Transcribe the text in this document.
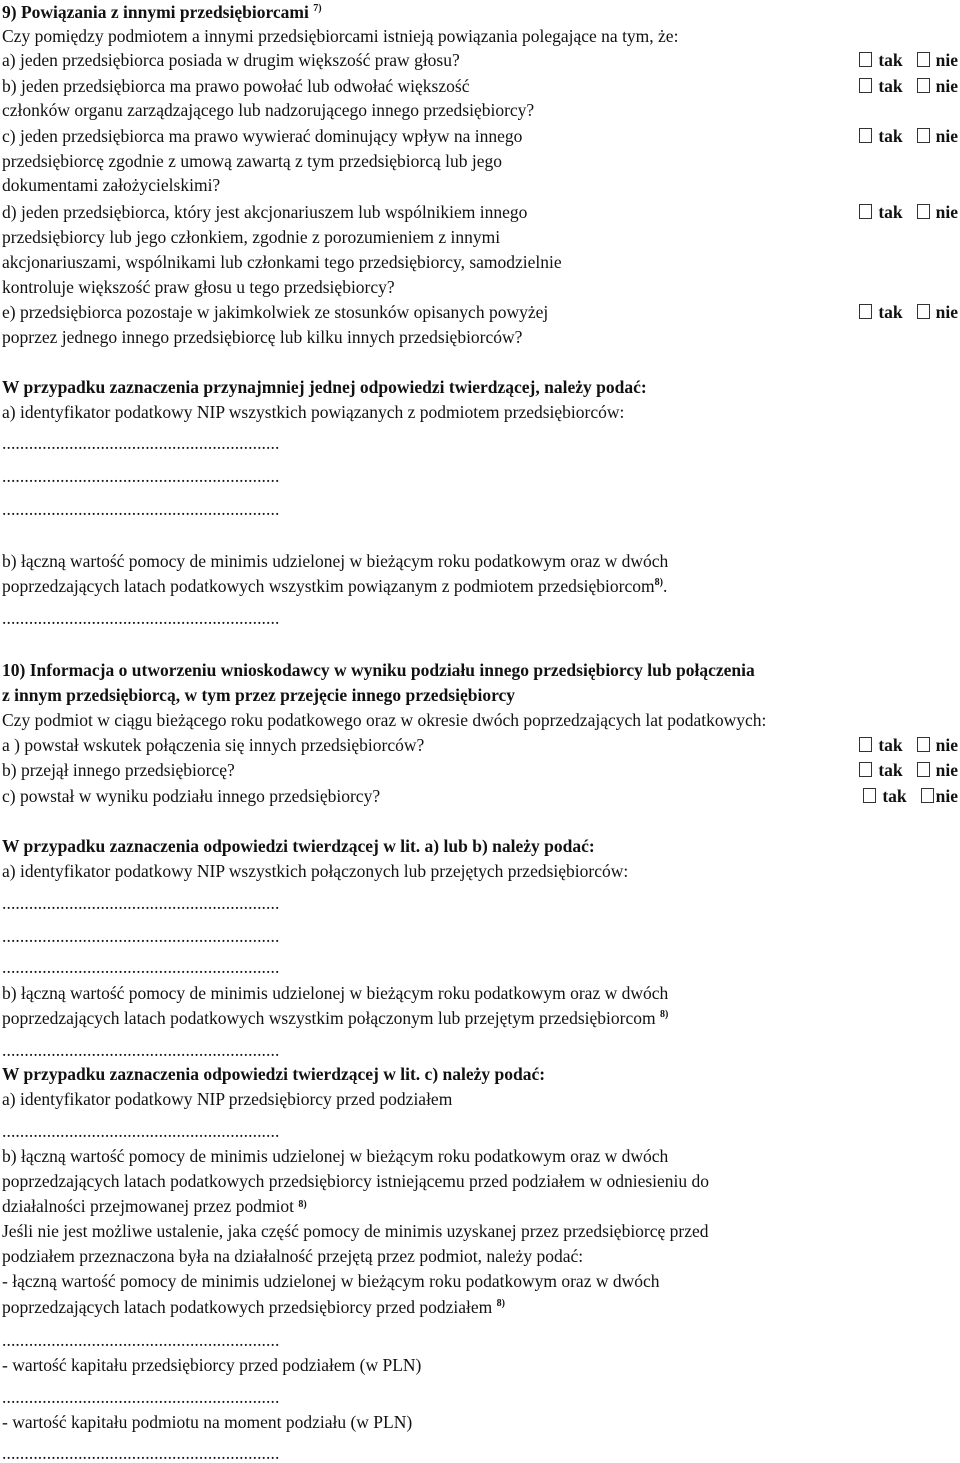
9) Powiązania z innymi przedsiębiorcami $^{7)}$
Czy pomiędzy podmiotem a innymi przedsiębiorcami istnieją powiązania polegające na tym, że:
a) jeden przedsiębiorca posiada w drugim większość praw głosu?	tak nie
b) jeden przedsiębiorca ma prawo powołać lub odwołać większość	tak nie
członków organu zarządzającego lub nadzorującego innego przedsiębiorcy?
c) jeden przedsiębiorca ma prawo wywierać dominujący wpływ na innego	tak nie
przedsiębiorcę zgodnie z umową zawartą z tym przedsiębiorcą lub jego
dokumentami założycielskimi?
d) jeden przedsiębiorca, który jest akcjonariuszem lub wspólnikiem innego	tak nie
przedsiębiorcy lub jego członkiem, zgodnie z porozumieniem z innymi
akcjonariuszami, wspólnikami lub członkami tego przedsiębiorcy, samodzielnie
kontroluje większość praw głosu u tego przedsiębiorcy?
e) przedsiębiorca pozostaje w jakimkolwiek ze stosunków opisanych powyżej	tak nie
poprzez jednego innego przedsiębiorcę lub kilku innych przedsiębiorców?
W przypadku zaznaczenia przynajmniej jednej odpowiedzi twierdzącej, należy podać:
a) identyfikator podatkowy NIP wszystkich powiązanych z podmiotem przedsiębiorców:
..............................................................
..............................................................
..............................................................
b) łączną wartość pomocy de minimis udzielonej w bieżącym roku podatkowym oraz w dwóch
poprzedzających latach podatkowych wszystkim powiązanym z podmiotem przedsiębiorcom$^{8)}$.
..............................................................
10) Informacja o utworzeniu wnioskodawcy w wyniku podziału innego przedsiębiorcy lub połączenia
z innym przedsiębiorcą, w tym przez przejęcie innego przedsiębiorcy
Czy podmiot w ciągu bieżącego roku podatkowego oraz w okresie dwóch poprzedzających lat podatkowych:
a ) powstał wskutek połączenia się innych przedsiębiorców?	tak nie
b) przejął innego przedsiębiorcę?	tak nie
c) powstał w wyniku podziału innego przedsiębiorcy?	tak nie
W przypadku zaznaczenia odpowiedzi twierdzącej w lit. a) lub b) należy podać:
a) identyfikator podatkowy NIP wszystkich połączonych lub przejętych przedsiębiorców:
..............................................................
..............................................................
..............................................................
b) łączną wartość pomocy de minimis udzielonej w bieżącym roku podatkowym oraz w dwóch
poprzedzających latach podatkowych wszystkim połączonym lub przejętym przedsiębiorcom $^{8)}$
..............................................................
W przypadku zaznaczenia odpowiedzi twierdzącej w lit. c) należy podać:
a) identyfikator podatkowy NIP przedsiębiorcy przed podziałem
..............................................................
b) łączną wartość pomocy de minimis udzielonej w bieżącym roku podatkowym oraz w dwóch
poprzedzających latach podatkowych przedsiębiorcy istniejącemu przed podziałem w odniesieniu do
działalności przejmowanej przez podmiot $^{8)}$
Jeśli nie jest możliwe ustalenie, jaka część pomocy de minimis uzyskanej przez przedsiębiorcę przed
podziałem przeznaczona była na działalność przejętą przez podmiot, należy podać:
- łączną wartość pomocy de minimis udzielonej w bieżącym roku podatkowym oraz w dwóch
poprzedzających latach podatkowych przedsiębiorcy przed podziałem $^{8)}$
..............................................................
- wartość kapitału przedsiębiorcy przed podziałem (w PLN)
..............................................................
- wartość kapitału podmiotu na moment podziału (w PLN)
..............................................................
